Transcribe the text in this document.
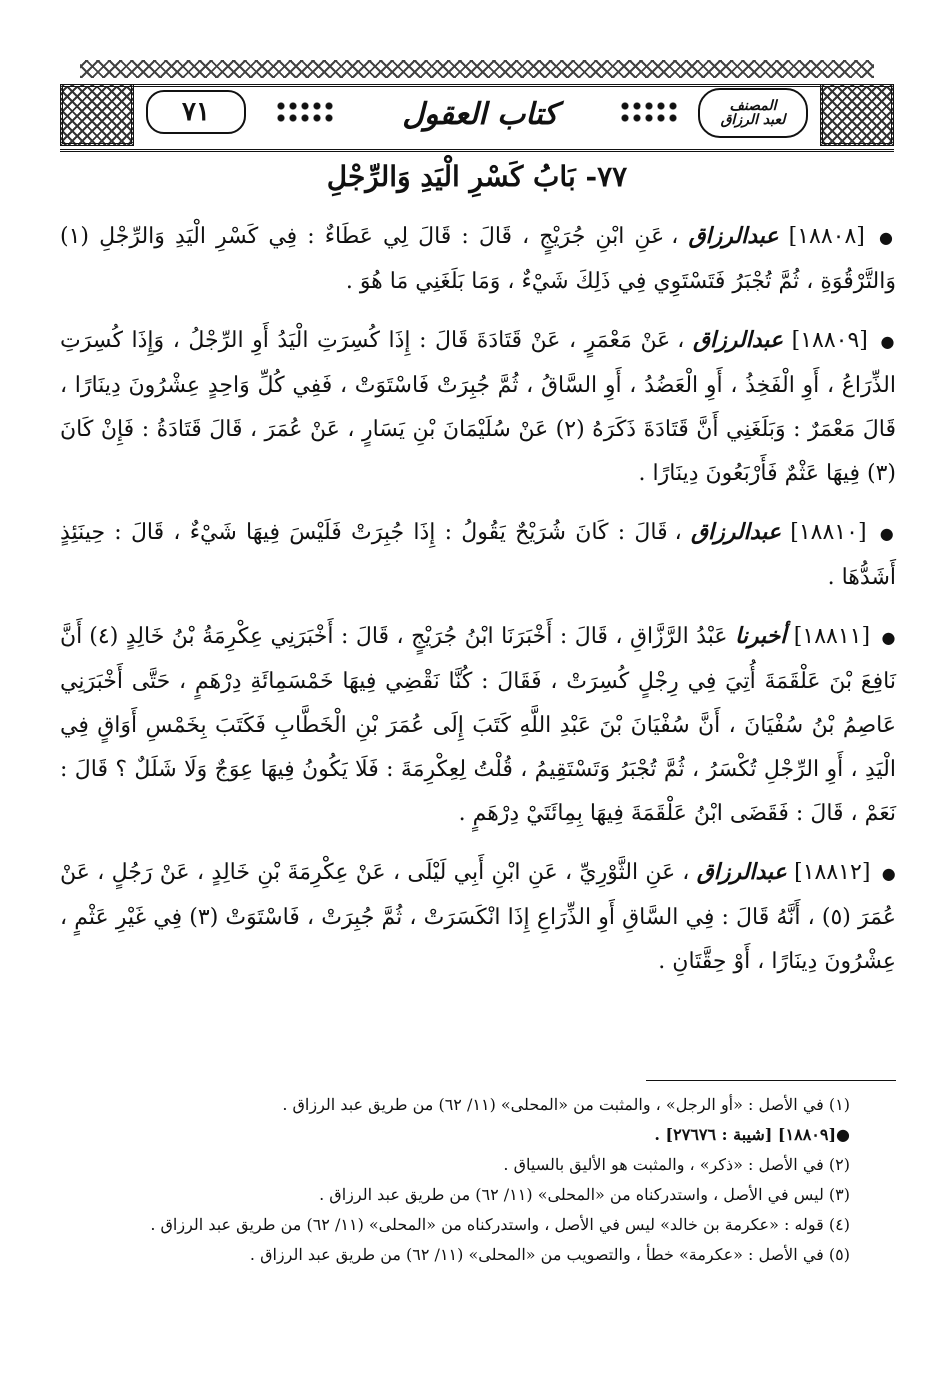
٧١	كتاب العقول	المصنف
لعبد الرزاق
٧٧- بَابُ كَسْرِ الْيَدِ وَالرِّجْلِ

● [١٨٨٠٨] عبدالرزاق ، عَنِ ابْنِ جُرَيْجٍ ، قَالَ : قَالَ لِي عَطَاءٌ : فِي كَسْرِ الْيَدِ وَالرِّجْلِ (١) وَالتَّرْقُوَةِ ، ثُمَّ تُجْبَرُ فَتَسْتَوِي فِي ذَلِكَ شَيْءٌ ، وَمَا بَلَغَنِي مَا هُوَ .

● [١٨٨٠٩] عبدالرزاق ، عَنْ مَعْمَرٍ ، عَنْ قَتَادَةَ قَالَ : إِذَا كُسِرَتِ الْيَدُ أَوِ الرِّجْلُ ، وَإِذَا كُسِرَتِ الذِّرَاعُ ، أَوِ الْفَخِذُ ، أَوِ الْعَضُدُ ، أَوِ السَّاقُ ، ثُمَّ جُبِرَتْ فَاسْتَوَتْ ، فَفِي كُلِّ وَاحِدٍ عِشْرُونَ دِينَارًا ، قَالَ مَعْمَرٌ : وَبَلَغَنِي أَنَّ قَتَادَةَ ذَكَرَهُ (٢) عَنْ سُلَيْمَانَ بْنِ يَسَارٍ ، عَنْ عُمَرَ ، قَالَ قَتَادَةُ : فَإِنْ كَانَ (٣) فِيهَا عَثْمٌ فَأَرْبَعُونَ دِينَارًا .

● [١٨٨١٠] عبدالرزاق ، قَالَ : كَانَ شُرَيْحٌ يَقُولُ : إِذَا جُبِرَتْ فَلَيْسَ فِيهَا شَيْءٌ ، قَالَ : حِينَئِذٍ أَشَدُّهَا .

● [١٨٨١١] أخبرنا عَبْدُ الرَّزَّاقِ ، قَالَ : أَخْبَرَنَا ابْنُ جُرَيْجٍ ، قَالَ : أَخْبَرَنِي عِكْرِمَةُ بْنُ خَالِدٍ (٤) أَنَّ نَافِعَ بْنَ عَلْقَمَةَ أُتِيَ فِي رِجْلٍ كُسِرَتْ ، فَقَالَ : كُنَّا نَقْضِي فِيهَا خَمْسَمِائَةِ دِرْهَمٍ ، حَتَّى أَخْبَرَنِي عَاصِمُ بْنُ سُفْيَانَ ، أَنَّ سُفْيَانَ بْنَ عَبْدِ اللَّهِ كَتَبَ إِلَى عُمَرَ بْنِ الْخَطَّابِ فَكَتَبَ بِخَمْسِ أَوَاقٍ فِي الْيَدِ ، أَوِ الرِّجْلِ تُكْسَرُ ، ثُمَّ تُجْبَرُ وَتَسْتَقِيمُ ، قُلْتُ لِعِكْرِمَةَ : فَلَا يَكُونُ فِيهَا عِوَجٌ وَلَا شَلَلٌ ؟ قَالَ : نَعَمْ ، قَالَ : فَقَضَى ابْنُ عَلْقَمَةَ فِيهَا بِمِائَتَيْ دِرْهَمٍ .

● [١٨٨١٢] عبدالرزاق ، عَنِ الثَّوْرِيِّ ، عَنِ ابْنِ أَبِي لَيْلَى ، عَنْ عِكْرِمَةَ بْنِ خَالِدٍ ، عَنْ رَجُلٍ ، عَنْ عُمَرَ (٥) ، أَنَّهُ قَالَ : فِي السَّاقِ أَوِ الذِّرَاعِ إِذَا انْكَسَرَتْ ، ثُمَّ جُبِرَتْ ، فَاسْتَوَتْ (٣) فِي غَيْرِ عَثْمٍ ، عِشْرُونَ دِينَارًا ، أَوْ حِقَّتَانِ .

(١) في الأصل : «أو الرجل» ، والمثبت من «المحلى» (١١/ ٦٢) من طريق عبد الرزاق .

●[١٨٨٠٩] [شيبة : ٢٧٦٧٦] .

(٢) في الأصل : «ذكر» ، والمثبت هو الأليق بالسياق .

(٣) ليس في الأصل ، واستدركناه من «المحلى» (١١/ ٦٢) من طريق عبد الرزاق .

(٤) قوله : «عكرمة بن خالد» ليس في الأصل ، واستدركناه من «المحلى» (١١/ ٦٢) من طريق عبد الرزاق .

(٥) في الأصل : «عكرمة» خطأ ، والتصويب من «المحلى» (١١/ ٦٢) من طريق عبد الرزاق .
